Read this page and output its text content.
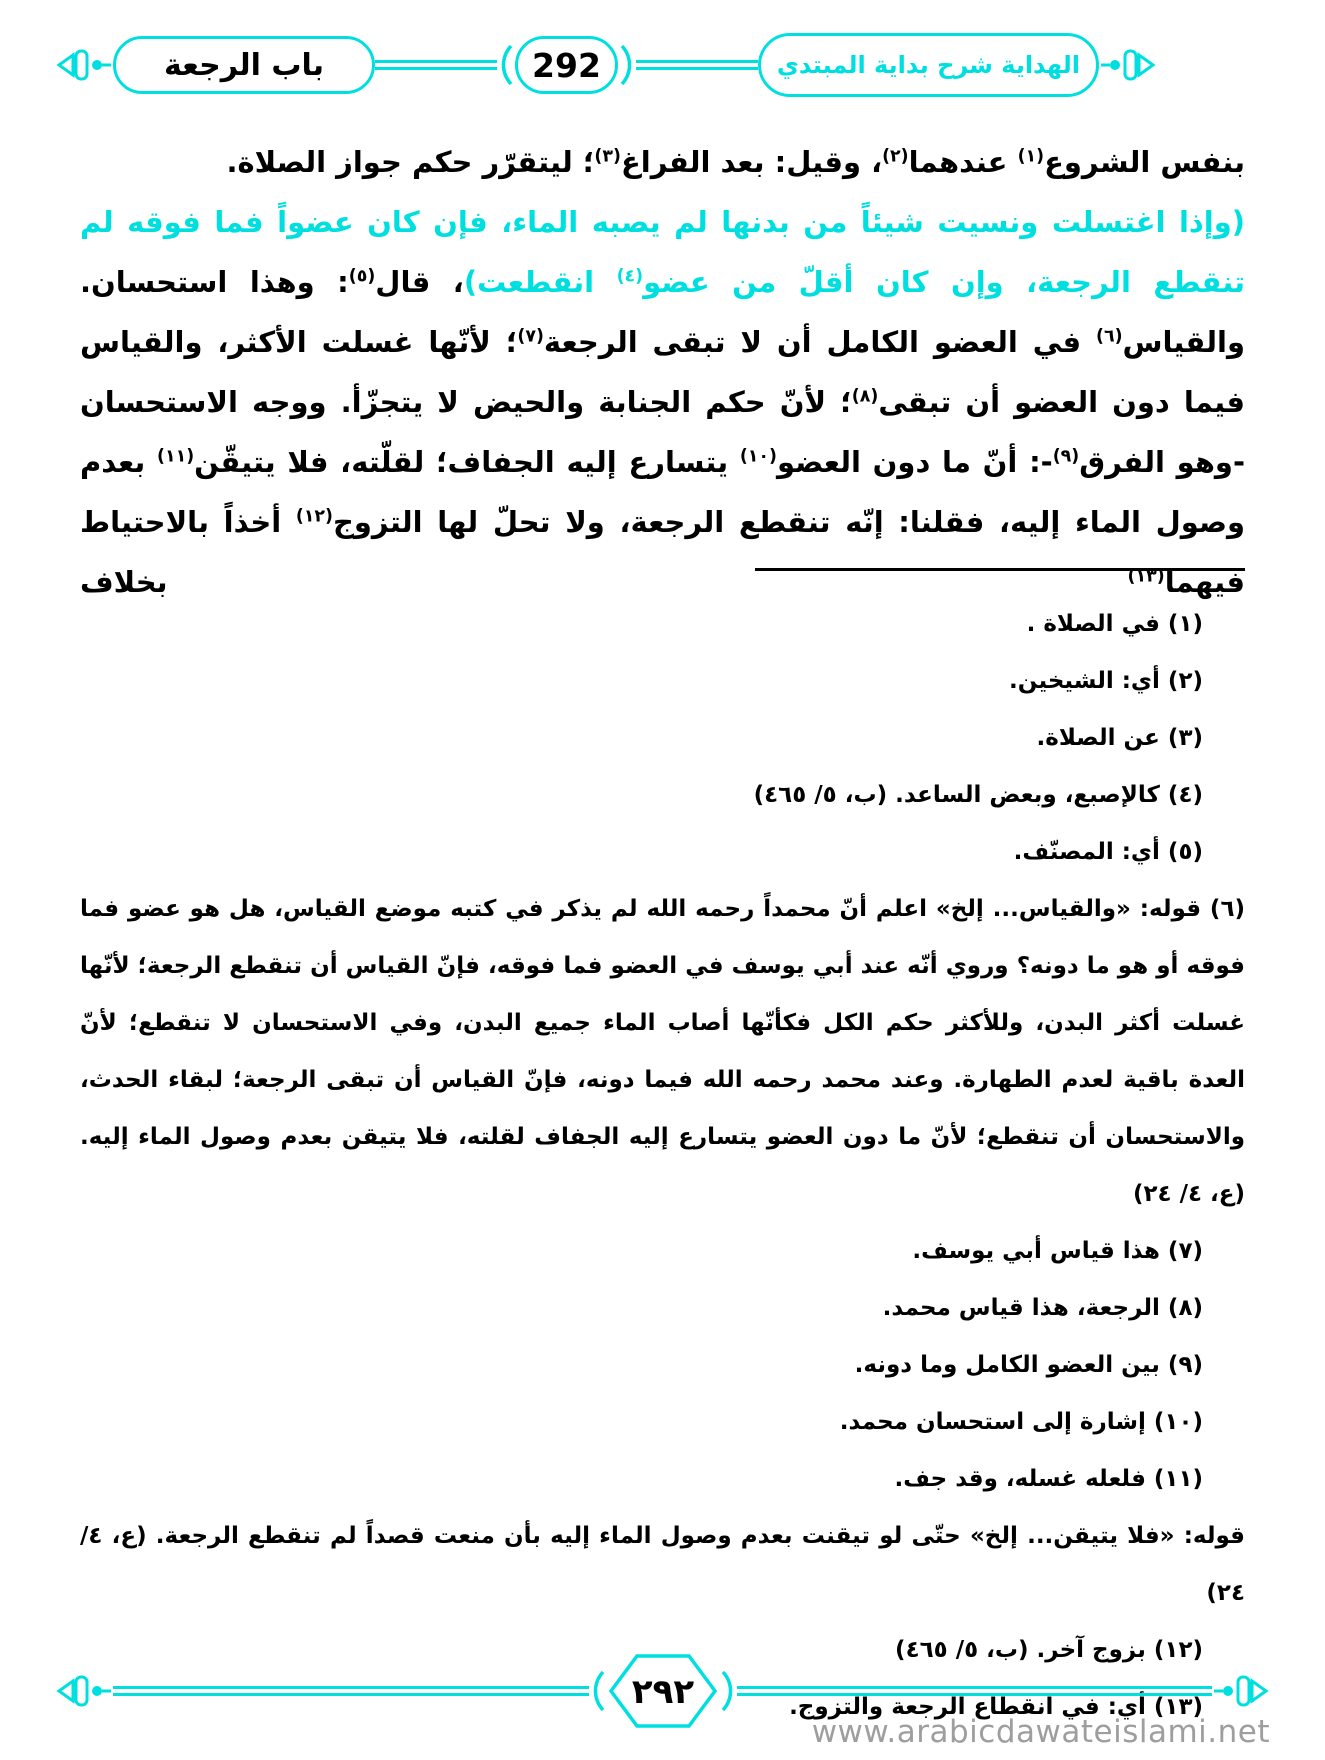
باب الرجعة	292	الهداية شرح بداية المبتدي

بنفس الشروع$^{(١)}$ عندهما$^{(٢)}$، وقيل: بعد الفراغ$^{(٣)}$؛ ليتقرّر حكم جواز الصلاة.

(وإذا اغتسلت ونسيت شيئاً من بدنها لم يصبه الماء، فإن كان عضواً فما فوقه لم تنقطع الرجعة، وإن كان أقلّ من عضو$^{(٤)}$ انقطعت)، قال$^{(٥)}$: وهذا استحسان. والقياس$^{(٦)}$ في العضو الكامل أن لا تبقى الرجعة$^{(٧)}$؛ لأنّها غسلت الأكثر، والقياس فيما دون العضو أن تبقى$^{(٨)}$؛ لأنّ حكم الجنابة والحيض لا يتجزّأ. ووجه الاستحسان -وهو الفرق$^{(٩)}$-: أنّ ما دون العضو$^{(١٠)}$ يتسارع إليه الجفاف؛ لقلّته، فلا يتيقّن$^{(١١)}$ بعدم وصول الماء إليه، فقلنا: إنّه تنقطع الرجعة، ولا تحلّ لها التزوج$^{(١٢)}$ أخذاً بالاحتياط فيهما$^{(١٣)}$ بخلاف

(١) في الصلاة .
(٢) أي: الشيخين.
(٣) عن الصلاة.
(٤) كالإصبع، وبعض الساعد. (ب، ٥/ ٤٦٥)
(٥) أي: المصنّف.
(٦) قوله: «والقياس... إلخ» اعلم أنّ محمداً رحمه الله لم يذكر في كتبه موضع القياس، هل هو عضو فما فوقه أو هو ما دونه؟ وروي أنّه عند أبي يوسف في العضو فما فوقه، فإنّ القياس أن تنقطع الرجعة؛ لأنّها غسلت أكثر البدن، وللأكثر حكم الكل فكأنّها أصاب الماء جميع البدن، وفي الاستحسان لا تنقطع؛ لأنّ العدة باقية لعدم الطهارة. وعند محمد رحمه الله فيما دونه، فإنّ القياس أن تبقى الرجعة؛ لبقاء الحدث، والاستحسان أن تنقطع؛ لأنّ ما دون العضو يتسارع إليه الجفاف لقلته، فلا يتيقن بعدم وصول الماء إليه. (ع، ٤/ ٢٤)
(٧) هذا قياس أبي يوسف.
(٨) الرجعة، هذا قياس محمد.
(٩) بين العضو الكامل وما دونه.
(١٠) إشارة إلى استحسان محمد.
(١١) فلعله غسله، وقد جف.
قوله: «فلا يتيقن... إلخ» حتّى لو تيقنت بعدم وصول الماء إليه بأن منعت قصداً لم تنقطع الرجعة. (ع، ٤/ ٢٤)
(١٢) بزوج آخر. (ب، ٥/ ٤٦٥)
(١٣) أي: في انقطاع الرجعة والتزوج.
٢٩٢
www.arabicdawateislami.net
